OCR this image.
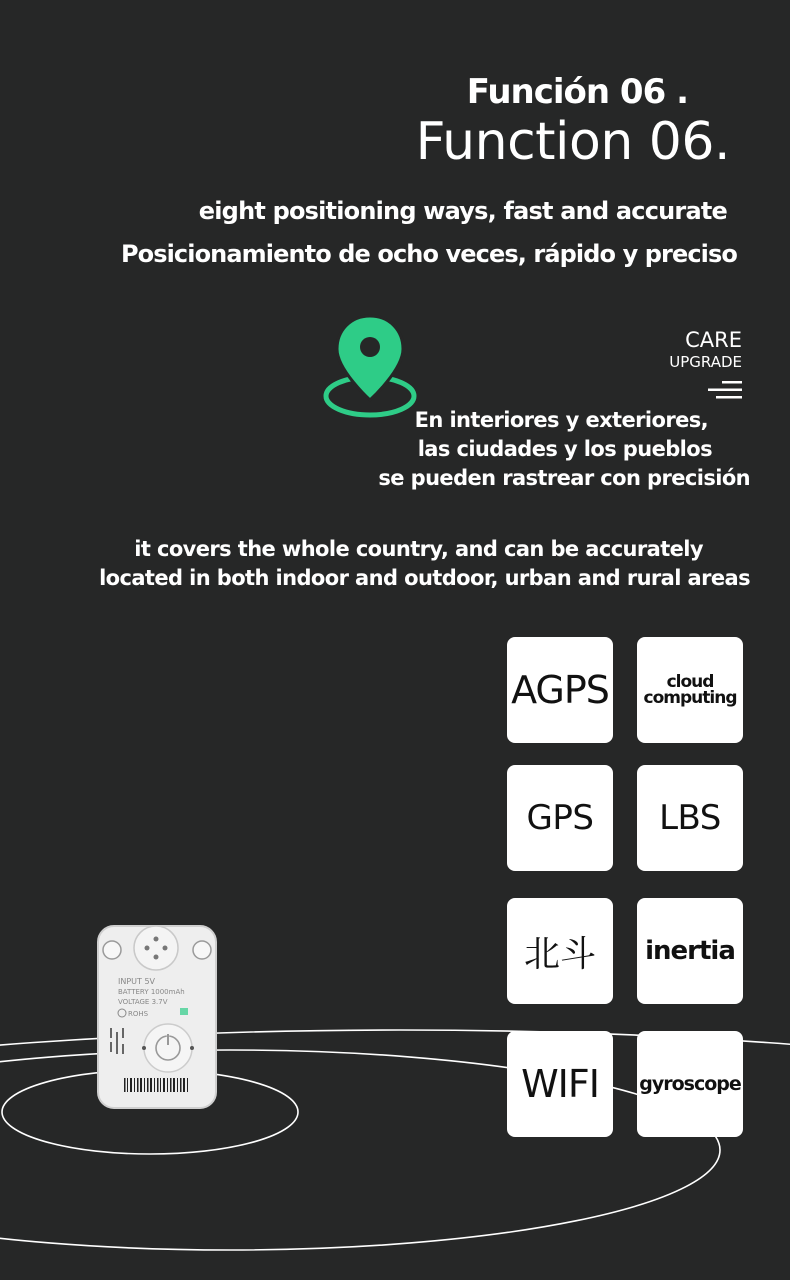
Función 06 .
Function 06.
eight positioning ways, fast and accurate
Posicionamiento de ocho veces, rápido y preciso
CARE
UPGRADE
En interiores y exteriores,
las ciudades y los pueblos
se pueden rastrear con precisión
it covers the whole country, and can be accurately
located in both indoor and outdoor, urban and rural areas
INPUT 5V
BATTERY 1000mAh
VOLTAGE 3.7V
ROHS
AGPS	cloud
computing
GPS LBS
北斗 inertia
WIFI gyroscope
